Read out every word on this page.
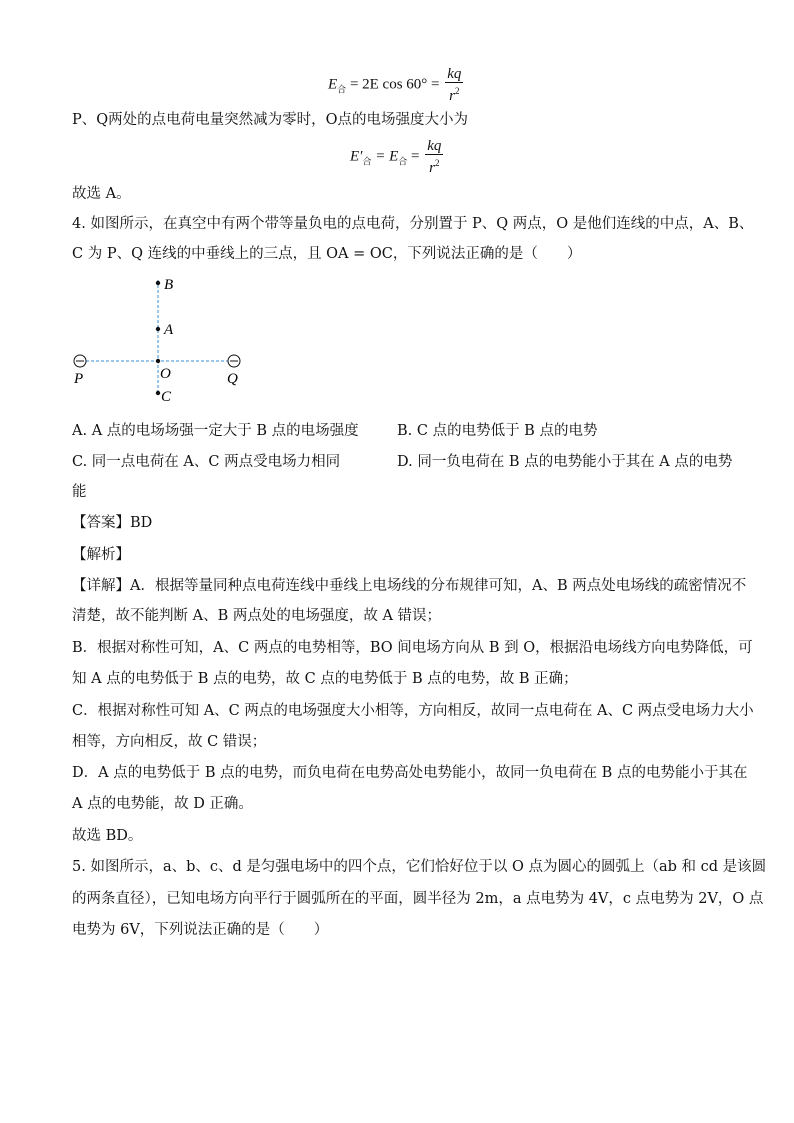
$E_合 = 2E$ $\cos 60^\circ = \frac{kq}{r^2}$
P、Q两处的点电荷电量突然减为零时，O点的电场强度大小为
$E'_合 = E_合 = \frac{kq}{r^2}$
故选 A。
4. 如图所示，在真空中有两个带等量负电的点电荷，分别置于 P、Q 两点，O 是他们连线的中点，A、B、
C 为 P、Q 连线的中垂线上的三点，且 OA = OC，下列说法正确的是（　　）
B
A
O
C
P	Q
A. A 点的电场场强一定大于 B 点的电场强度	B. C 点的电势低于 B 点的电势
C. 同一点电荷在 A、C 两点受电场力相同	D. 同一负电荷在 B 点的电势能小于其在 A 点的电势
能
【答案】BD
【解析】
【详解】A．根据等量同种点电荷连线中垂线上电场线的分布规律可知，A、B 两点处电场线的疏密情况不
清楚，故不能判断 A、B 两点处的电场强度，故 A 错误；
B．根据对称性可知，A、C 两点的电势相等，BO 间电场方向从 B 到 O，根据沿电场线方向电势降低，可
知 A 点的电势低于 B 点的电势，故 C 点的电势低于 B 点的电势，故 B 正确；
C．根据对称性可知 A、C 两点的电场强度大小相等，方向相反，故同一点电荷在 A、C 两点受电场力大小
相等，方向相反，故 C 错误；
D．A 点的电势低于 B 点的电势，而负电荷在电势高处电势能小，故同一负电荷在 B 点的电势能小于其在
A 点的电势能，故 D 正确。
故选 BD。
5. 如图所示，a、b、c、d 是匀强电场中的四个点，它们恰好位于以 O 点为圆心的圆弧上（ab 和 cd 是该圆
的两条直径），已知电场方向平行于圆弧所在的平面，圆半径为 2m，a 点电势为 4V，c 点电势为 2V，O 点
电势为 6V，下列说法正确的是（　　）
